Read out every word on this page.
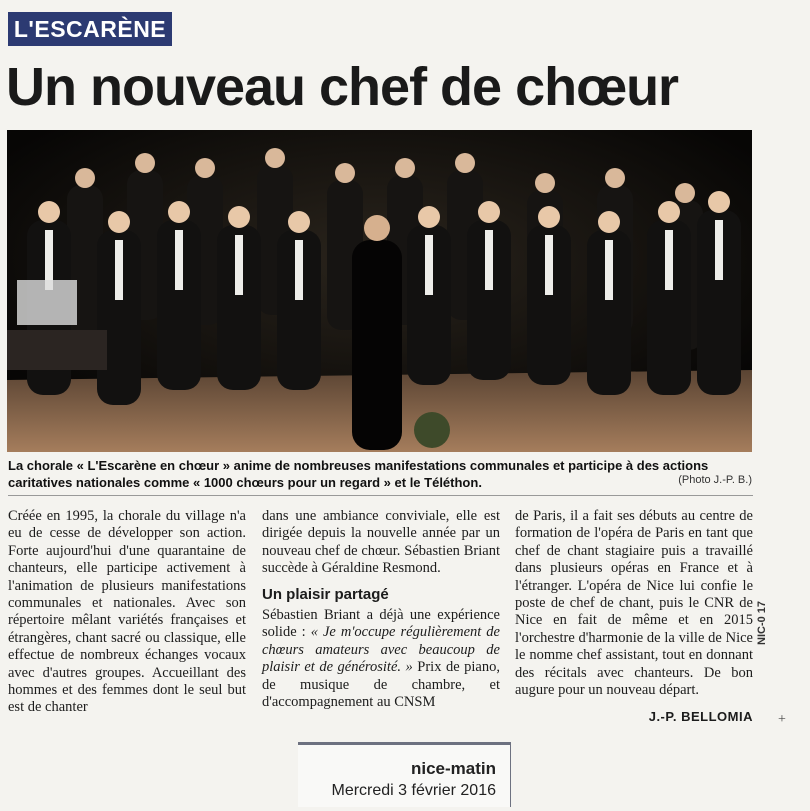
L'ESCARÈNE
Un nouveau chef de chœur
La chorale « L'Escarène en chœur » anime de nombreuses manifestations communales et participe à des actions caritatives nationales comme « 1000 chœurs pour un regard » et le Téléthon.	(Photo J.-P. B.)

Créée en 1995, la chorale du village n'a eu de cesse de développer son action. Forte aujourd'hui d'une quarantaine de chanteurs, elle participe activement à l'animation de plusieurs manifestations communales et nationales. Avec son répertoire mêlant variétés françaises et étrangères, chant sacré ou classique, elle effectue de nombreux échanges vocaux avec d'autres groupes. Accueillant des hommes et des femmes dont le seul but est de chanter

dans une ambiance conviviale, elle est dirigée depuis la nouvelle année par un nouveau chef de chœur. Sébastien Briant succède à Géraldine Resmond.

Un plaisir partagé

Sébastien Briant a déjà une expérience solide : « Je m'occupe régulièrement de chœurs amateurs avec beaucoup de plaisir et de générosité. » Prix de piano, de musique de chambre, et d'accompagnement au CNSM

de Paris, il a fait ses débuts au centre de formation de l'opéra de Paris en tant que chef de chant stagiaire puis a travaillé dans plusieurs opéras en France et à l'étranger. L'opéra de Nice lui confie le poste de chef de chant, puis le CNR de Nice en fait de même et en 2015 l'orchestre d'harmonie de la ville de Nice le nomme chef assistant, tout en donnant des récitals avec chanteurs. De bon augure pour un nouveau départ.

J.-P. BELLOMIA
NIC-0 17
+
nice-matin
Mercredi 3 février 2016
